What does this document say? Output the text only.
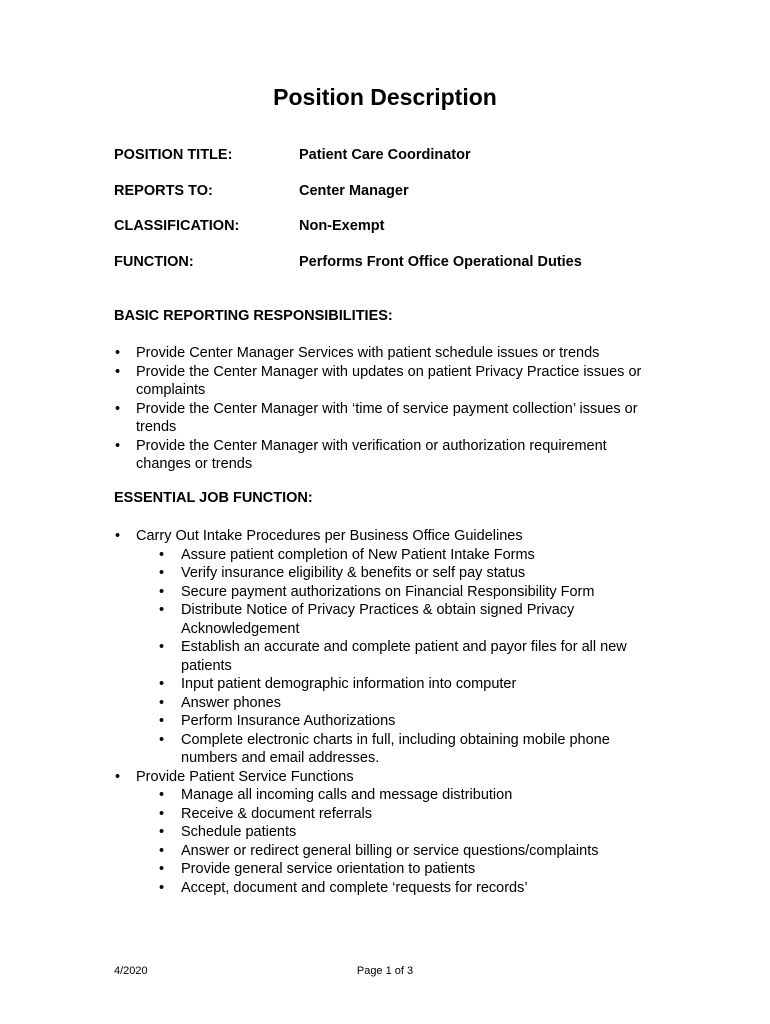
Position Description
POSITION TITLE:	Patient Care Coordinator
REPORTS TO:	Center Manager
CLASSIFICATION:	Non-Exempt
FUNCTION:	Performs Front Office Operational Duties
BASIC REPORTING RESPONSIBILITIES:
• Provide Center Manager Services with patient schedule issues or trends
• Provide the Center Manager with updates on patient Privacy Practice issues or complaints
• Provide the Center Manager with ‘time of service payment collection’ issues or trends
• Provide the Center Manager with verification or authorization requirement changes or trends
ESSENTIAL JOB FUNCTION:
• Carry Out Intake Procedures per Business Office Guidelines
• Assure patient completion of New Patient Intake Forms
• Verify insurance eligibility & benefits or self pay status
• Secure payment authorizations on Financial Responsibility Form
• Distribute Notice of Privacy Practices & obtain signed Privacy Acknowledgement
• Establish an accurate and complete patient and payor files for all new patients
• Input patient demographic information into computer
• Answer phones
• Perform Insurance Authorizations
• Complete electronic charts in full, including obtaining mobile phone numbers and email addresses.
• Provide Patient Service Functions
• Manage all incoming calls and message distribution
• Receive & document referrals
• Schedule patients
• Answer or redirect general billing or service questions/complaints
• Provide general service orientation to patients
• Accept, document and complete ‘requests for records’
4/2020	Page 1 of 3
